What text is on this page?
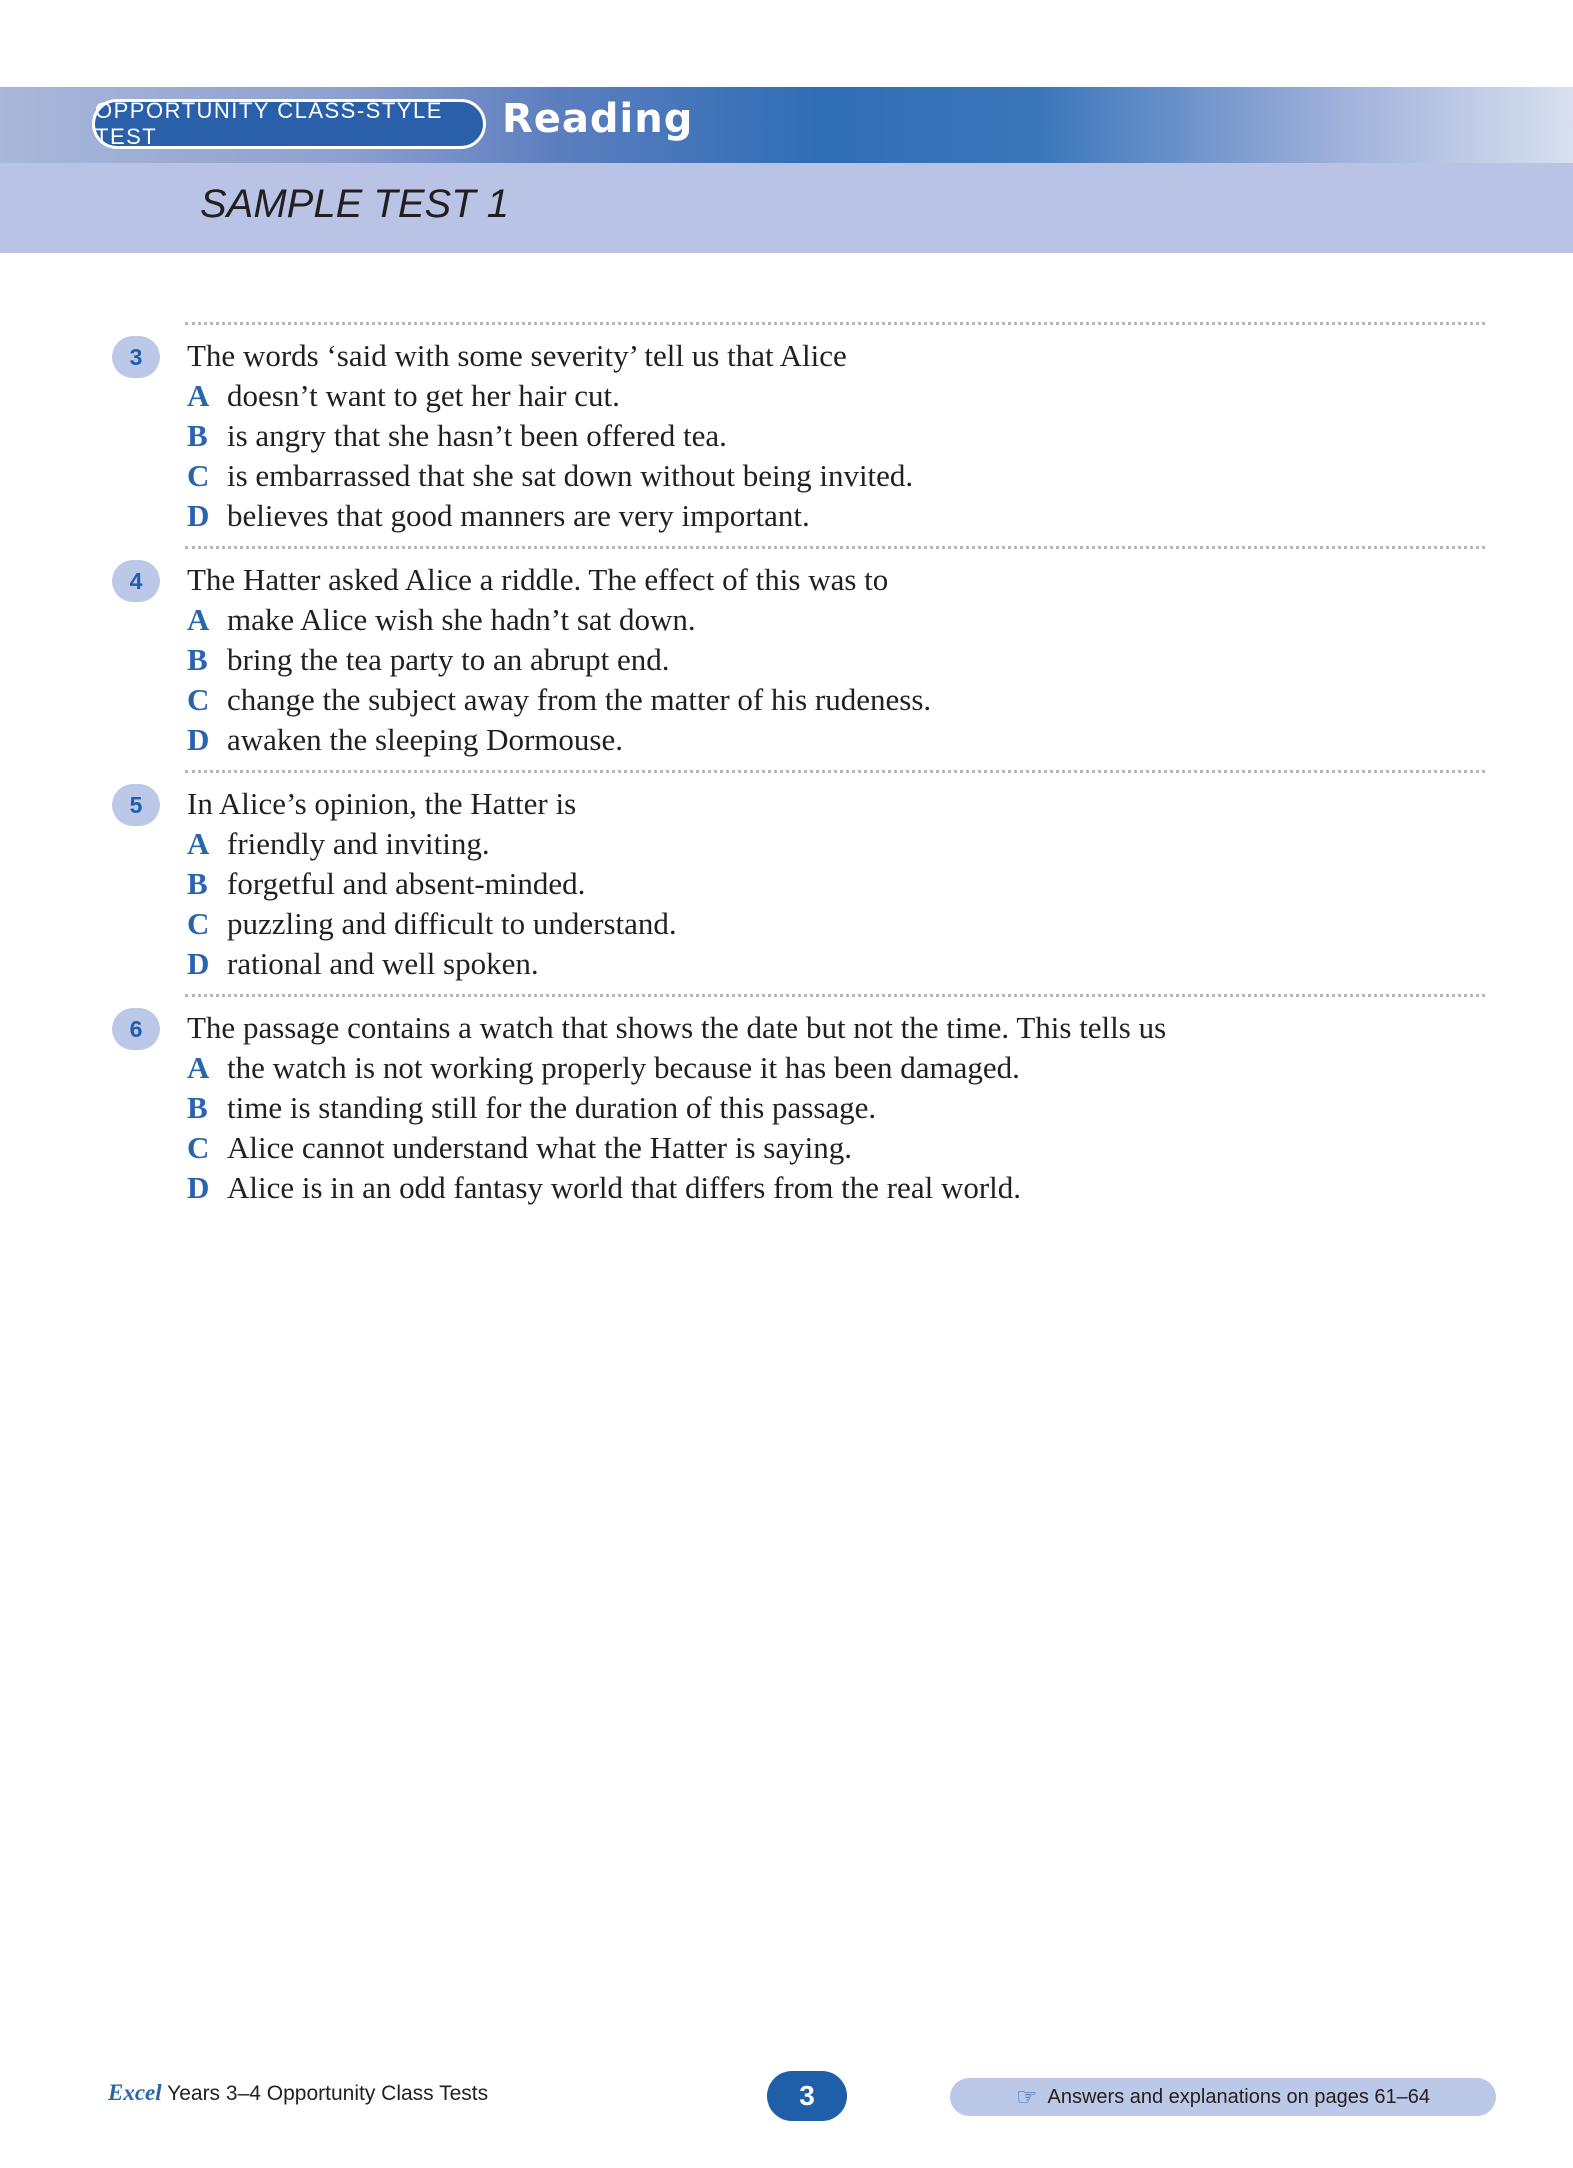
OPPORTUNITY CLASS-STYLE TEST	Reading
SAMPLE TEST 1
3	The words ‘said with some severity’ tell us that Alice
A doesn’t want to get her hair cut.
B is angry that she hasn’t been offered tea.
C is embarrassed that she sat down without being invited.
D believes that good manners are very important.
4	The Hatter asked Alice a riddle. The effect of this was to
A make Alice wish she hadn’t sat down.
B bring the tea party to an abrupt end.
C change the subject away from the matter of his rudeness.
D awaken the sleeping Dormouse.
5	In Alice’s opinion, the Hatter is
A friendly and inviting.
B forgetful and absent-minded.
C puzzling and difficult to understand.
D rational and well spoken.
6	The passage contains a watch that shows the date but not the time. This tells us
A the watch is not working properly because it has been damaged.
B time is standing still for the duration of this passage.
C Alice cannot understand what the Hatter is saying.
D Alice is in an odd fantasy world that differs from the real world.
Excel Years 3–4 Opportunity Class Tests	3	☞ Answers and explanations on pages 61–64
